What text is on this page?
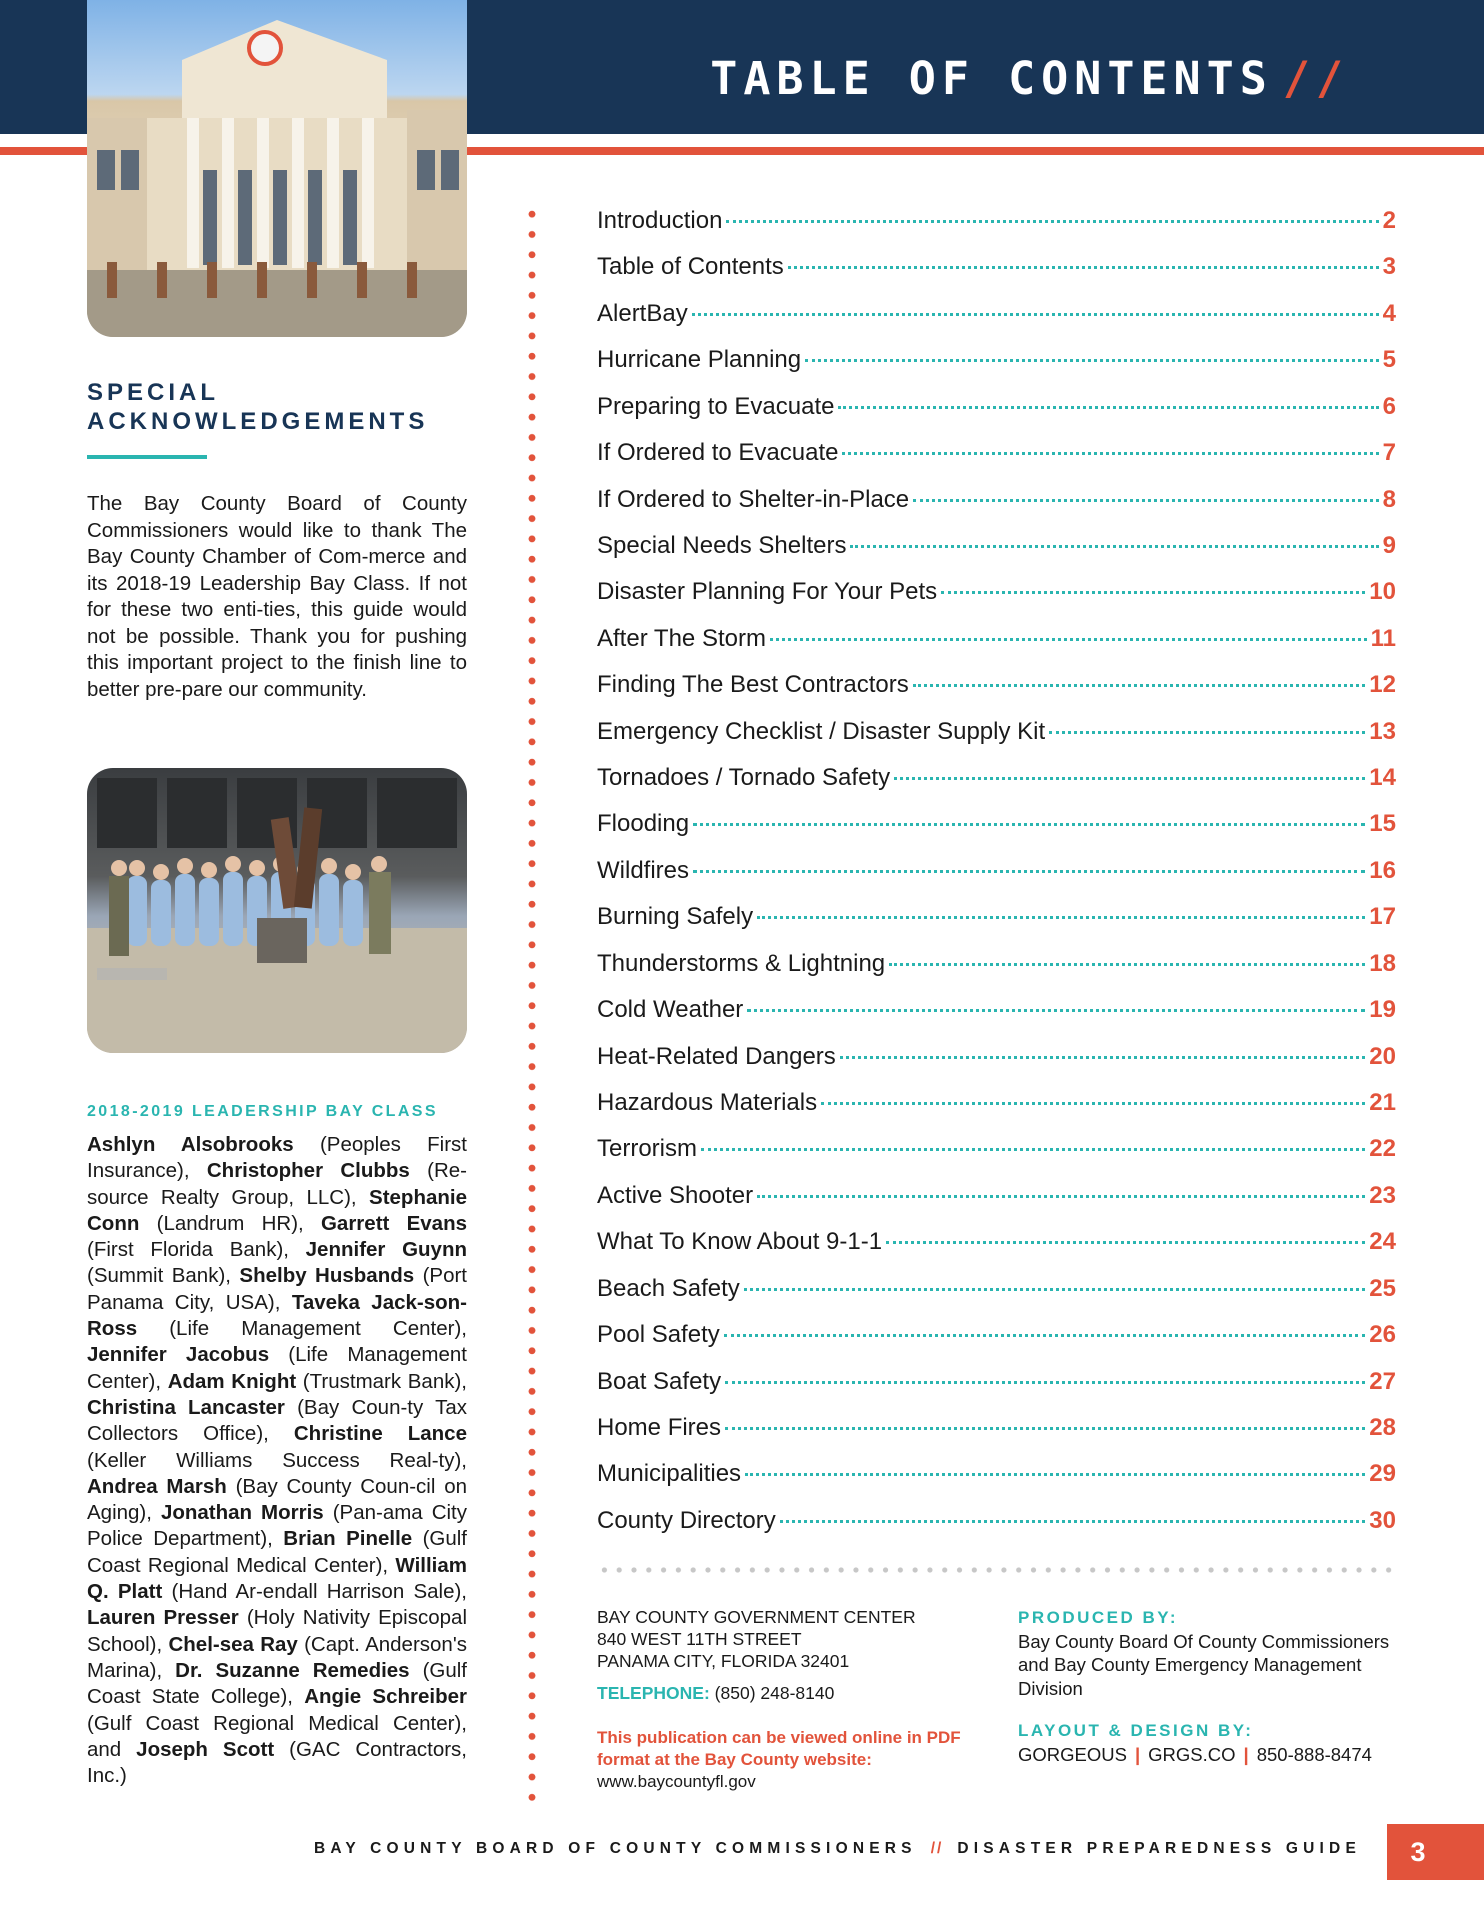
TABLE OF CONTENTS //
SPECIAL
ACKNOWLEDGEMENTS
The Bay County Board of County Commissioners would like to thank The Bay County Chamber of Com-merce and its 2018-19 Leadership Bay Class. If not for these two enti-ties, this guide would not be possible. Thank you for pushing this important project to the finish line to better pre-pare our community.
2018-2019 LEADERSHIP BAY CLASS
Ashlyn Alsobrooks (Peoples First Insurance), Christopher Clubbs (Re-source Realty Group, LLC), Stephanie Conn (Landrum HR), Garrett Evans (First Florida Bank), Jennifer Guynn (Summit Bank), Shelby Husbands (Port Panama City, USA), Taveka Jack-son-Ross (Life Management Center), Jennifer Jacobus (Life Management Center), Adam Knight (Trustmark Bank), Christina Lancaster (Bay Coun-ty Tax Collectors Office), Christine Lance (Keller Williams Success Real-ty), Andrea Marsh (Bay County Coun-cil on Aging), Jonathan Morris (Pan-ama City Police Department), Brian Pinelle (Gulf Coast Regional Medical Center), William Q. Platt (Hand Ar-endall Harrison Sale), Lauren Presser (Holy Nativity Episcopal School), Chel-sea Ray (Capt. Anderson's Marina), Dr. Suzanne Remedies (Gulf Coast State College), Angie Schreiber (Gulf Coast Regional Medical Center), and Joseph Scott (GAC Contractors, Inc.)
Introduction	2
Table of Contents	3
AlertBay	4
Hurricane Planning	5
Preparing to Evacuate	6
If Ordered to Evacuate	7
If Ordered to Shelter-in-Place	8
Special Needs Shelters	9
Disaster Planning For Your Pets	10
After The Storm	11
Finding The Best Contractors	12
Emergency Checklist / Disaster Supply Kit	13
Tornadoes / Tornado Safety	14
Flooding	15
Wildfires	16
Burning Safely	17
Thunderstorms & Lightning	18
Cold Weather	19
Heat-Related Dangers	20
Hazardous Materials	21
Terrorism	22
Active Shooter	23
What To Know About 9-1-1	24
Beach Safety	25
Pool Safety	26
Boat Safety	27
Home Fires	28
Municipalities	29
County Directory	30
BAY COUNTY GOVERNMENT CENTER
840 WEST 11TH STREET
PANAMA CITY, FLORIDA 32401
TELEPHONE: (850) 248-8140
This publication can be viewed online in PDF format at the Bay County website:
www.baycountyfl.gov
PRODUCED BY:
Bay County Board Of County Commissioners and Bay County Emergency Management Division
LAYOUT & DESIGN BY:
GORGEOUS | GRGS.CO | 850-888-8474
BAY COUNTY BOARD OF COUNTY COMMISSIONERS // DISASTER PREPAREDNESS GUIDE	3
